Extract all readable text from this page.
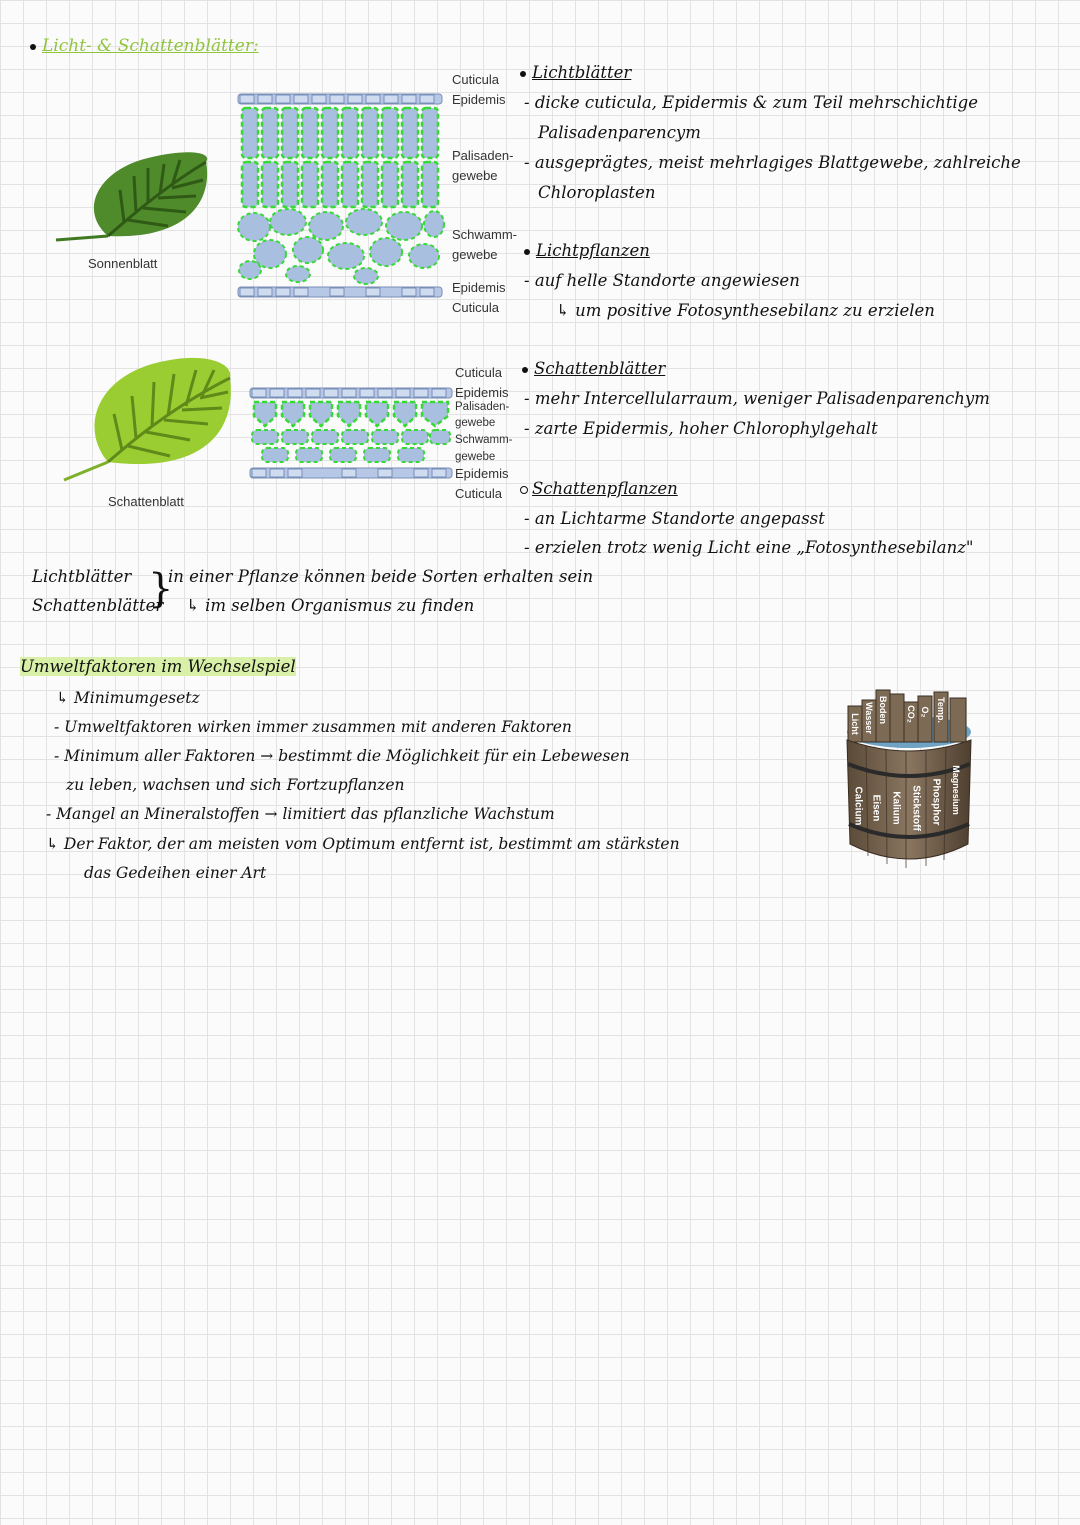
Licht- & Schattenblätter:
Sonnenblatt
Cuticula
Epidemis
Palisaden-
gewebe
Schwamm-
gewebe
Epidemis
Cuticula
Schattenblatt
Cuticula
Epidemis
Palisaden-
gewebe
Schwamm-
gewebe
Epidemis
Cuticula
Lichtblätter
- dicke cuticula, Epidermis & zum Teil mehrschichtige
Palisadenparencym
- ausgeprägtes, meist mehrlagiges Blattgewebe, zahlreiche
Chloroplasten
Lichtpflanzen
- auf helle Standorte angewiesen
↳ um positive Fotosynthesebilanz zu erzielen
Schattenblätter
- mehr Intercellularraum, weniger Palisadenparenchym
- zarte Epidermis, hoher Chlorophylgehalt
Schattenpflanzen
- an Lichtarme Standorte angepasst
- erzielen trotz wenig Licht eine „Fotosynthesebilanz"
Lichtblätter
Schattenblätter
}
in einer Pflanze können beide Sorten erhalten sein
↳ im selben Organismus zu finden
Umweltfaktoren im Wechselspiel
↳ Minimumgesetz
- Umweltfaktoren wirken immer zusammen mit anderen Faktoren
- Minimum aller Faktoren → bestimmt die Möglichkeit für ein Lebewesen
zu leben, wachsen und sich Fortzupflanzen
- Mangel an Mineralstoffen → limitiert das pflanzliche Wachstum
↳ Der Faktor, der am meisten vom Optimum entfernt ist, bestimmt am stärksten
das Gedeihen einer Art
Licht Wasser Boden CO₂ O₂ Temp.
Calcium Eisen Kalium Stickstoff Phosphor Magnesium
